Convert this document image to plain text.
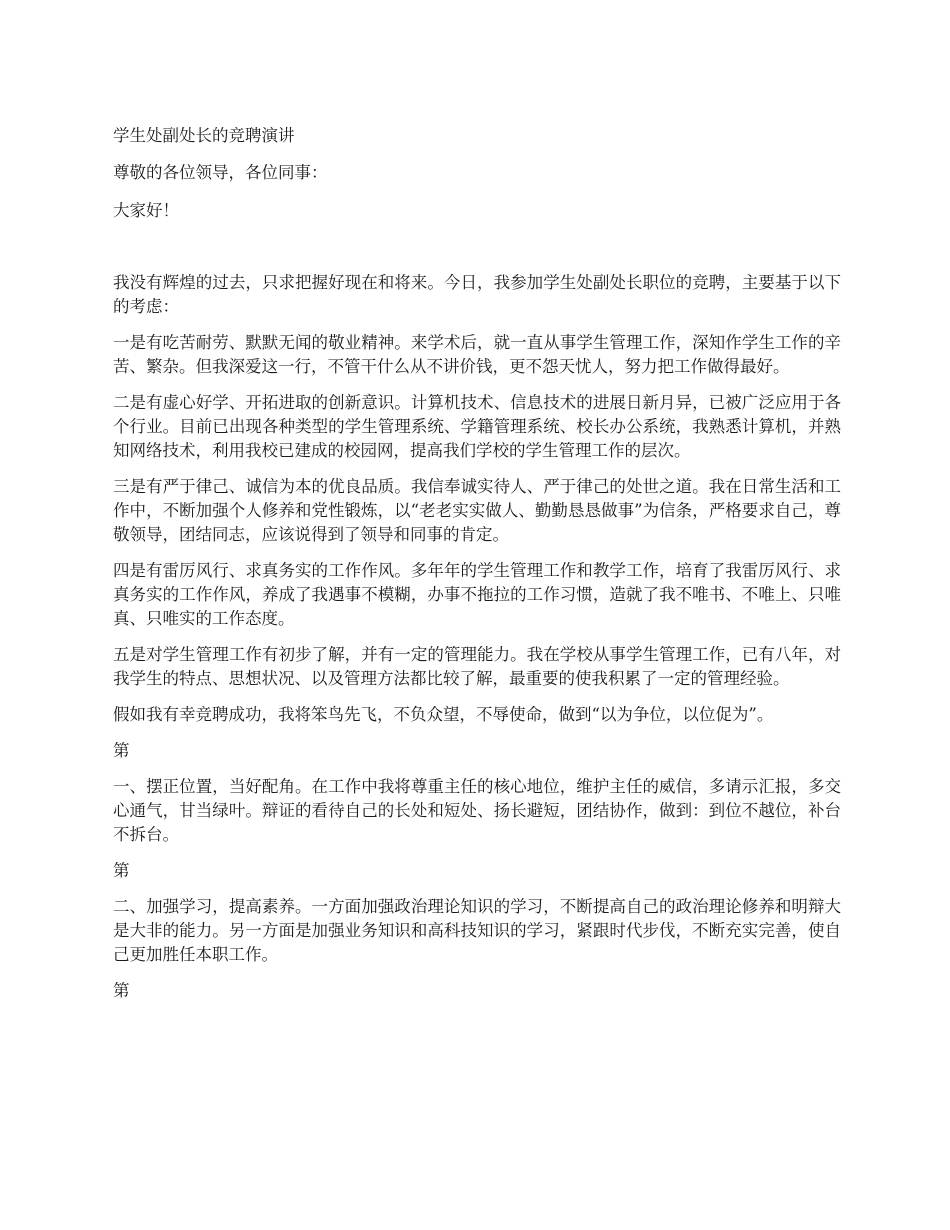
学生处副处长的竞聘演讲

尊敬的各位领导，各位同事：

大家好！

我没有辉煌的过去，只求把握好现在和将来。今日，我参加学生处副处长职位的竞聘，主要基于以下的考虑：

一是有吃苦耐劳、默默无闻的敬业精神。来学术后，就一直从事学生管理工作，深知作学生工作的辛苦、繁杂。但我深爱这一行，不管干什么从不讲价钱，更不怨天忧人，努力把工作做得最好。

二是有虚心好学、开拓进取的创新意识。计算机技术、信息技术的进展日新月异，已被广泛应用于各个行业。目前已出现各种类型的学生管理系统、学籍管理系统、校长办公系统，我熟悉计算机，并熟知网络技术，利用我校已建成的校园网，提高我们学校的学生管理工作的层次。

三是有严于律己、诚信为本的优良品质。我信奉诚实待人、严于律己的处世之道。我在日常生活和工作中，不断加强个人修养和党性锻炼，以“老老实实做人、勤勤恳恳做事”为信条，严格要求自己，尊敬领导，团结同志，应该说得到了领导和同事的肯定。

四是有雷厉风行、求真务实的工作作风。多年年的学生管理工作和教学工作，培育了我雷厉风行、求真务实的工作作风，养成了我遇事不模糊，办事不拖拉的工作习惯，造就了我不唯书、不唯上、只唯真、只唯实的工作态度。

五是对学生管理工作有初步了解，并有一定的管理能力。我在学校从事学生管理工作，已有八年，对我学生的特点、思想状况、以及管理方法都比较了解，最重要的使我积累了一定的管理经验。

假如我有幸竞聘成功，我将笨鸟先飞，不负众望，不辱使命，做到“以为争位，以位促为”。

第

一、摆正位置，当好配角。在工作中我将尊重主任的核心地位，维护主任的威信，多请示汇报，多交心通气，甘当绿叶。辩证的看待自己的长处和短处、扬长避短，团结协作，做到：到位不越位，补台不拆台。

第

二、加强学习，提高素养。一方面加强政治理论知识的学习，不断提高自己的政治理论修养和明辩大是大非的能力。另一方面是加强业务知识和高科技知识的学习，紧跟时代步伐，不断充实完善，使自己更加胜任本职工作。

第
